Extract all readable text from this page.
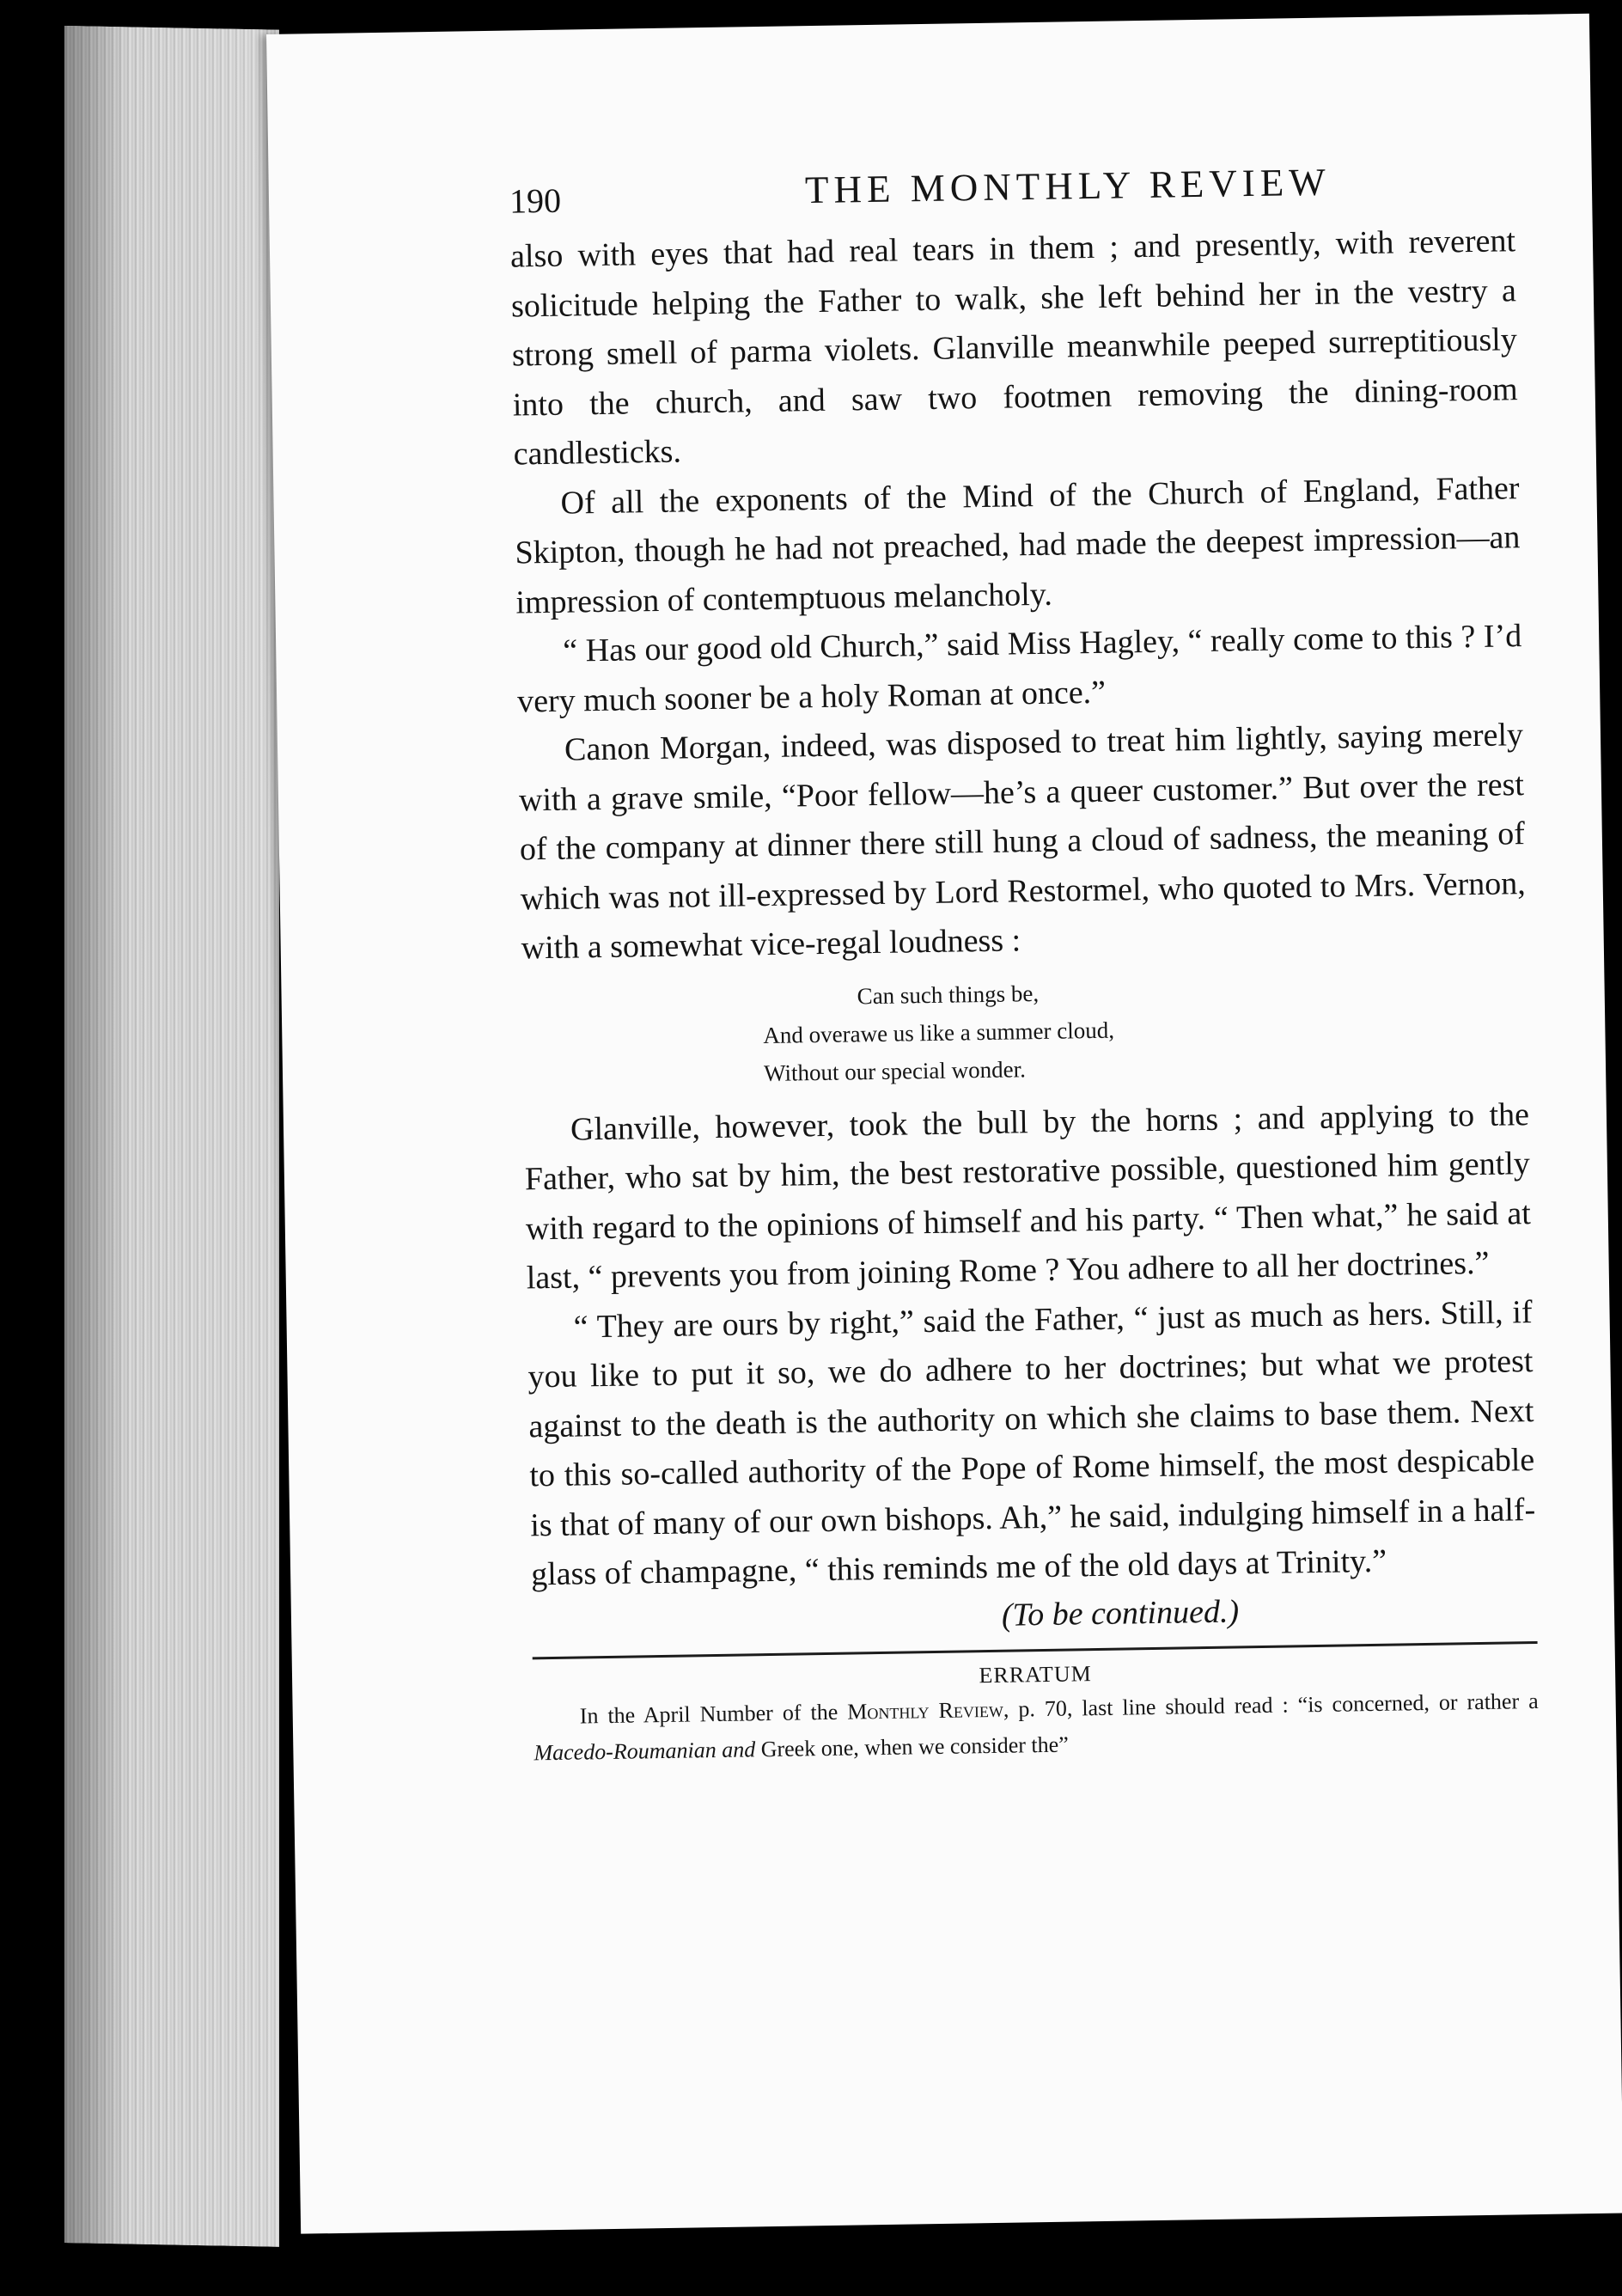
190	THE MONTHLY REVIEW

also with eyes that had real tears in them ; and presently, with reverent solicitude helping the Father to walk, she left behind her in the vestry a strong smell of parma violets. Glanville meanwhile peeped surreptitiously into the church, and saw two footmen removing the dining-room candlesticks.

Of all the exponents of the Mind of the Church of England, Father Skipton, though he had not preached, had made the deepest impression—an impression of contemptuous melancholy.

“ Has our good old Church,” said Miss Hagley, “ really come to this ? I’d very much sooner be a holy Roman at once.”

Canon Morgan, indeed, was disposed to treat him lightly, saying merely with a grave smile, “Poor fellow—he’s a queer customer.” But over the rest of the company at dinner there still hung a cloud of sadness, the meaning of which was not ill-expressed by Lord Restormel, who quoted to Mrs. Vernon, with a somewhat vice-regal loudness :

Can such things be,
And overawe us like a summer cloud,
Without our special wonder.

Glanville, however, took the bull by the horns ; and applying to the Father, who sat by him, the best restorative possible, questioned him gently with regard to the opinions of himself and his party. “ Then what,” he said at last, “ prevents you from joining Rome ? You adhere to all her doctrines.”

“ They are ours by right,” said the Father, “ just as much as hers. Still, if you like to put it so, we do adhere to her doctrines; but what we protest against to the death is the authority on which she claims to base them. Next to this so-called authority of the Pope of Rome himself, the most despicable is that of many of our own bishops. Ah,” he said, indulging himself in a half-glass of champagne, “ this reminds me of the old days at Trinity.”

(To be continued.)
ERRATUM
In the April Number of the Monthly Review, p. 70, last line should read : “is concerned, or rather a Macedo-Roumanian and Greek one, when we consider the”
